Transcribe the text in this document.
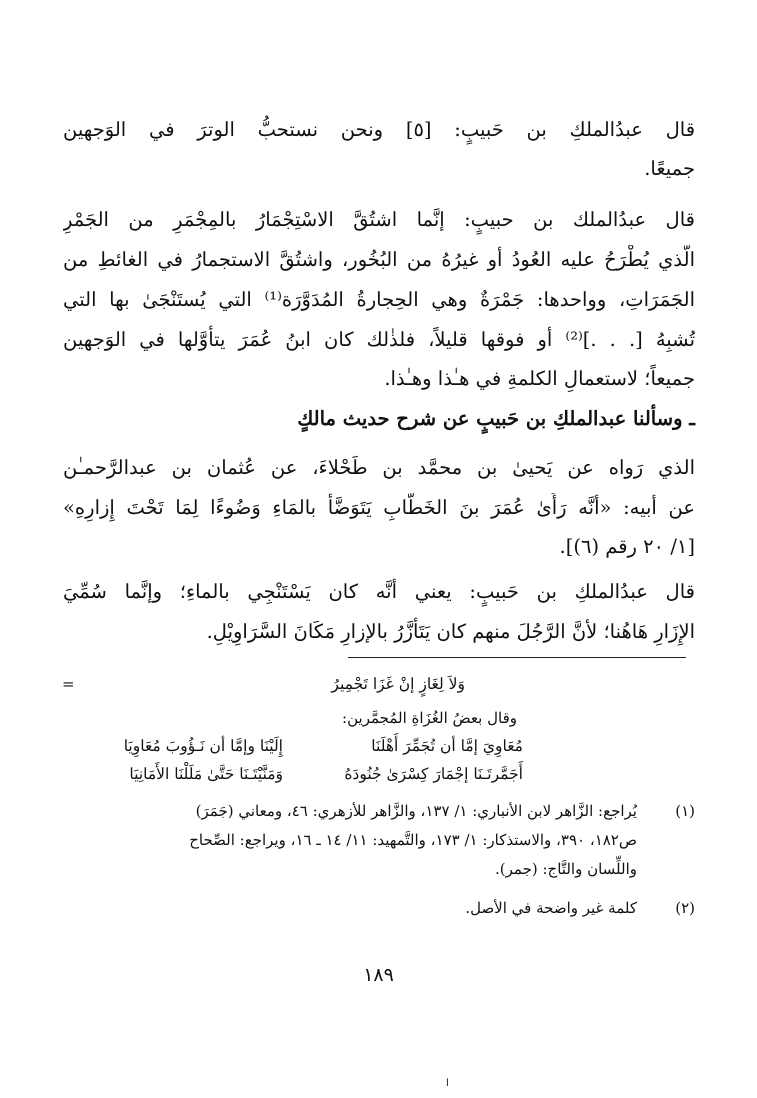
قال عبدُالملكِ بن حَبيبٍ: [٥] ونحن نستحبُّ الوترَ في الوَجهين
جميعًا.
قال عبدُالملك بن حبيبٍ: إنَّما اشتُقَّ الاسْتِجْمَارُ بالمِجْمَرِ من الجَمْرِ
الَّذي يُطْرَحُ عليه العُودُ أو غيرُهُ من البُخُور، واشتُقَّ الاستجمارُ في الغائطِ من
الجَمَرَاتِ، وواحدها: جَمْرَةٌ وهي الحِجارةُ المُدَوَّرَة⁽¹⁾ التي يُستَنْجَىٰ بها التي
تُشبِهُ [. . .]⁽²⁾ أو فوقها قليلاً، فلذٰلك كان ابنُ عُمَرَ يتأوَّلها في الوَجهين
جميعاً؛ لاستعمالِ الكلمةِ في هـٰذا وهـٰذا.
ـ وسألنا عبدالملكِ بن حَبيبٍ عن شرح حديث مالكٍ
الذي رَواه عن يَحيىٰ بن محمَّد بن طَحْلاءَ، عن عُثمان بن عبدالرَّحمـٰن
عن أبيه: «أنَّه رَأَىٰ عُمَرَ بنَ الخَطَّابِ يَتَوَضَّأُ بالمَاءِ وَضُوءًا لِمَا تَحْتَ إِزارِهِ»
[١/ ٢٠ رقم (٦)].
قال عبدُالملكِ بن حَبيبٍ: يعني أنَّه كان يَسْتَنْجِي بالماءِ؛ وإنَّما سُمِّيَ
الإِزَارِ هَاهُنا؛ لأنَّ الرَّجُلَ منهم كان يَتَأزَّرُ بالإزارِ مَكَانَ السَّرَاوِيْلِ.
=	وَلاَ لِغَازٍ إنْ غَزَا تَجْمِيرُ
وقال بعضُ الغُزَاةِ المُجمَّرين:
مُعَاوِيَ إمَّا أن تُجَمِّرَ أَهْلَنَا
إِلَيْنَا وإمَّا أن نَـؤُوبَ مُعَاوِيَا
أَجَمَّرتَـنَا إجْمَارَ كِسْرَىٰ جُنُودَهُ
وَمَنَّيْتَـنَا حَتَّىٰ مَلَلْنَا الأَمَانِيَا
(١)
يُراجع: الزَّاهر لابن الأنباري: ١/ ١٣٧، والزَّاهر للأزهري: ٤٦، ومعاني (جَمَرَ)
ص١٨٢، ٣٩٠، والاستذكار: ١/ ١٧٣، والتَّمهيد: ١١/ ١٤ ـ ١٦، ويراجع: الصِّحاح
واللِّسان والتَّاج: (جمر).
(٢)
كلمة غير واضحة في الأصل.
١٨٩
ا
